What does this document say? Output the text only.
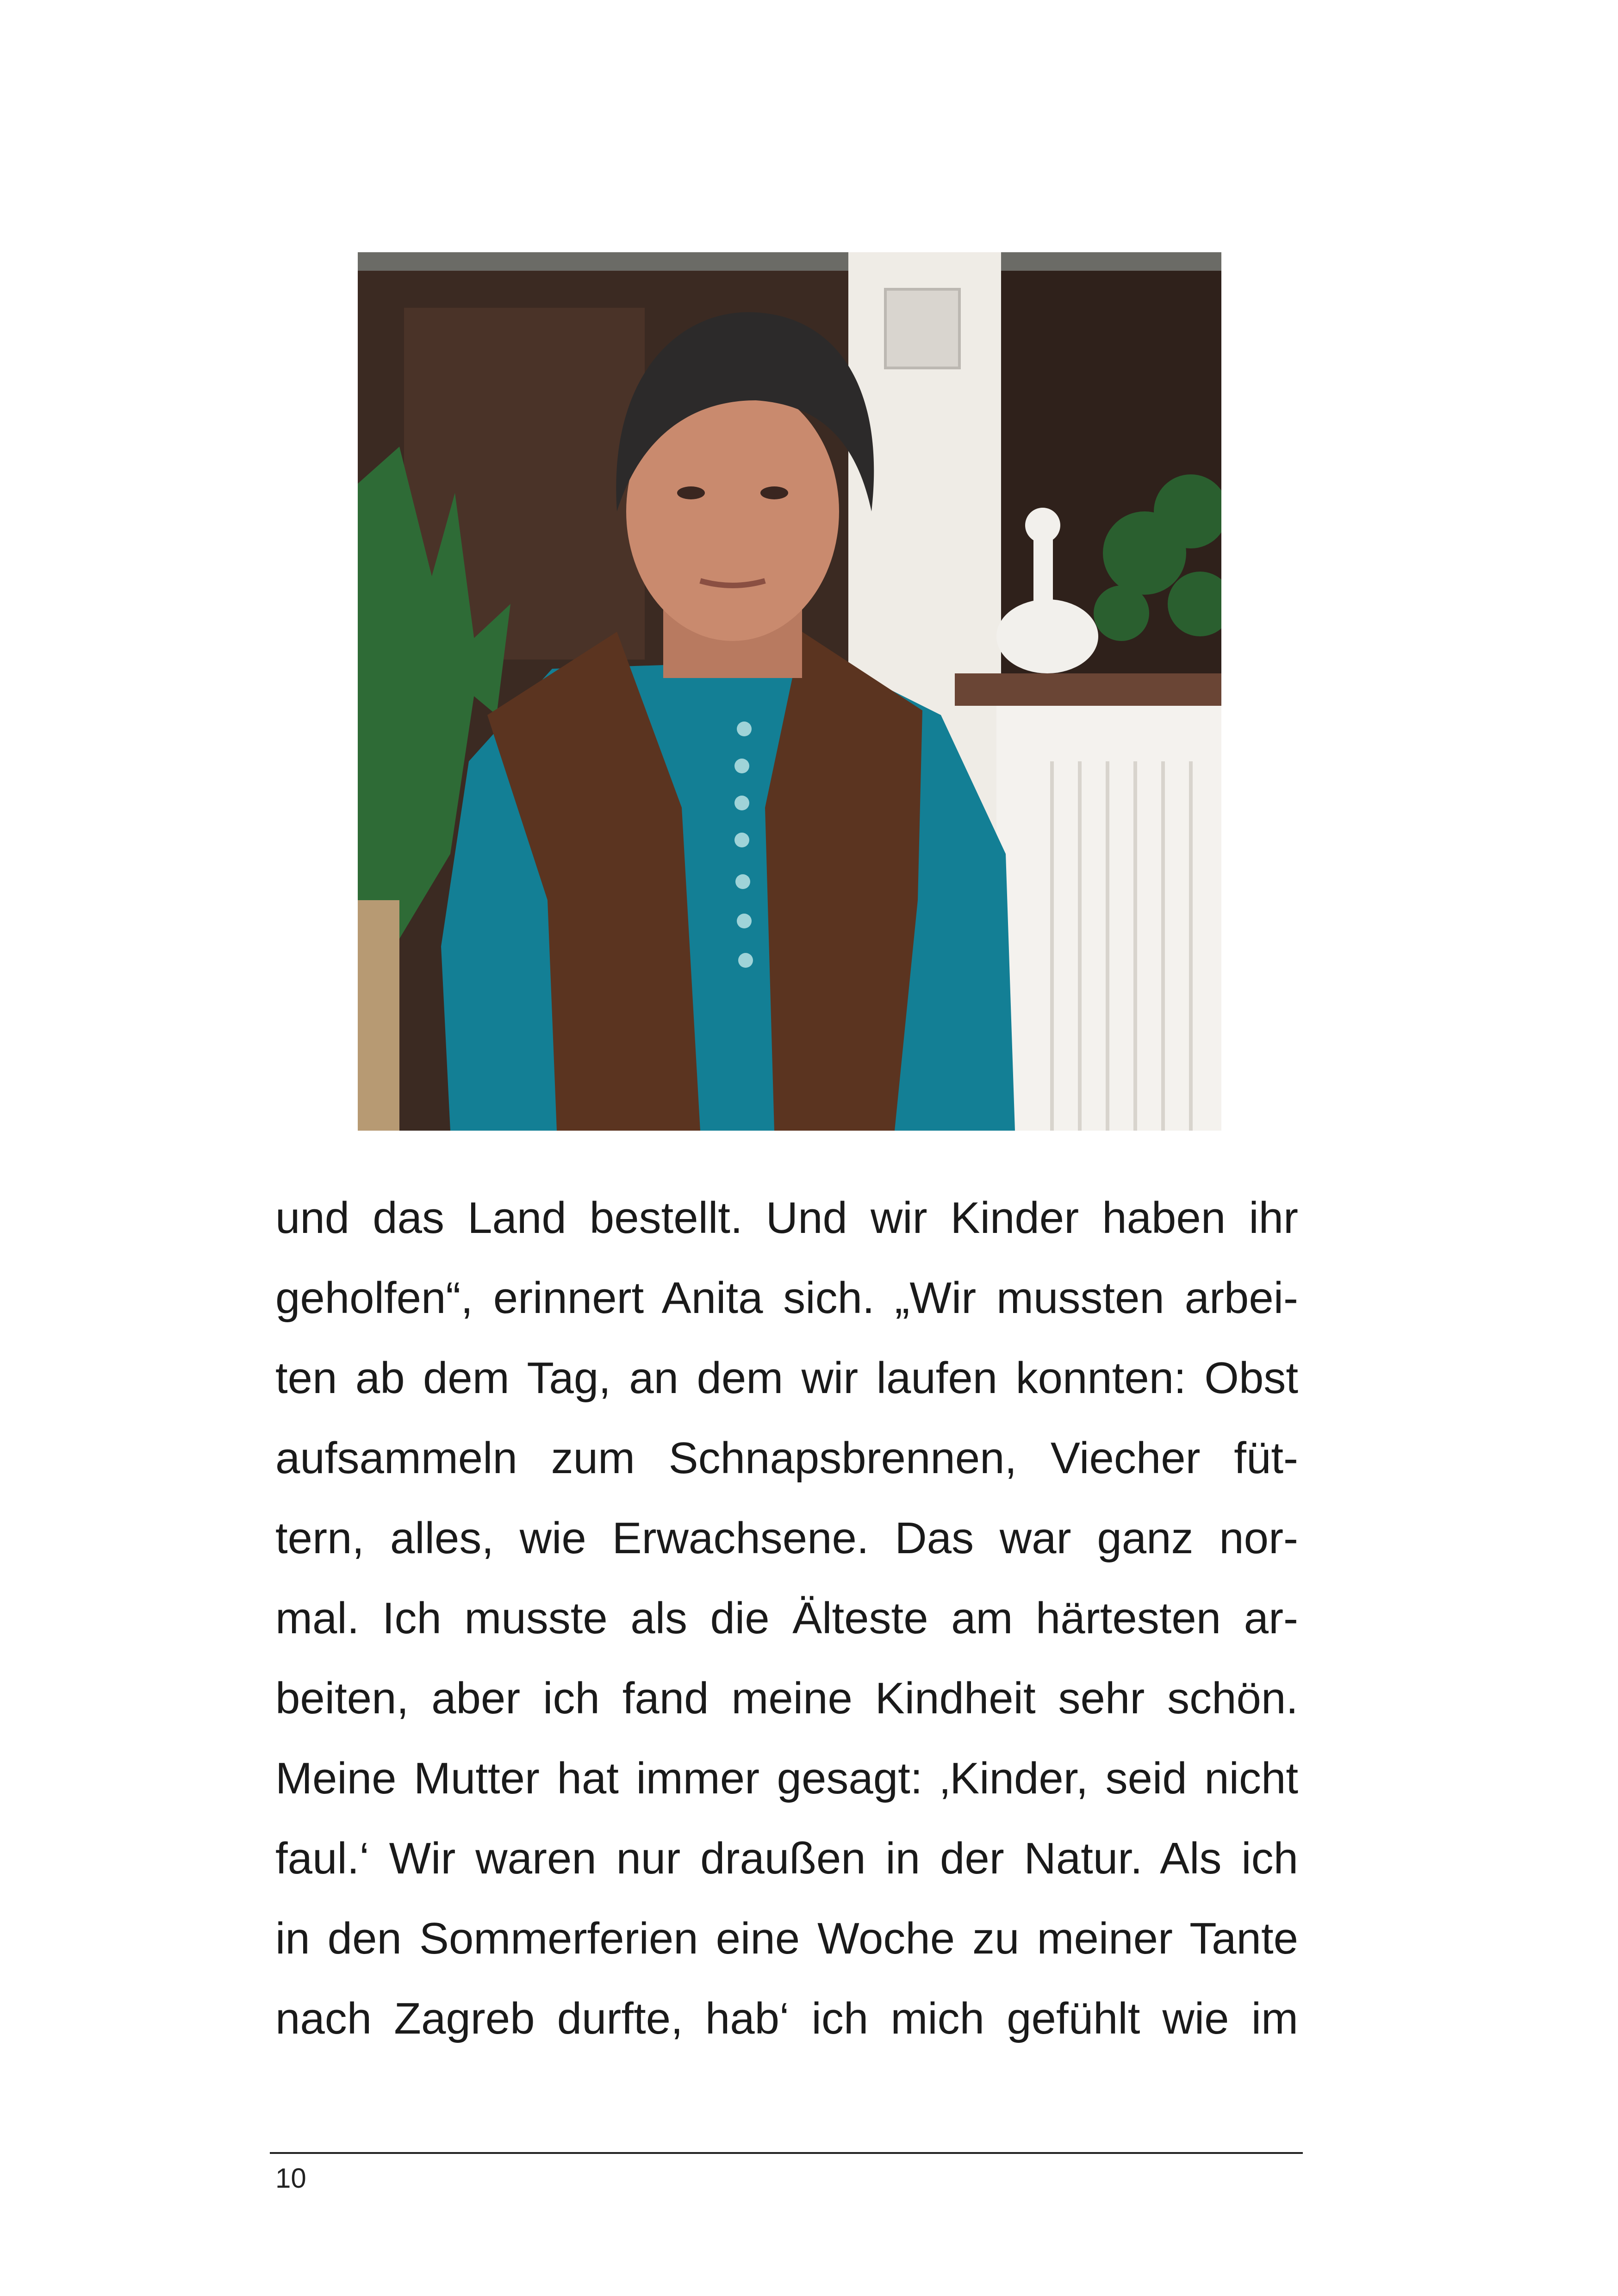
und das Land bestellt. Und wir Kinder haben ihr
geholfen“, erinnert Anita sich. „Wir mussten arbei-
ten ab dem Tag, an dem wir laufen konnten: Obst
aufsammeln zum Schnapsbrennen, Viecher füt-
tern, alles, wie Erwachsene. Das war ganz nor-
mal. Ich musste als die Älteste am härtesten ar-
beiten, aber ich fand meine Kindheit sehr schön.
Meine Mutter hat immer gesagt: ‚Kinder, seid nicht
faul.‘ Wir waren nur draußen in der Natur. Als ich
in den Sommerferien eine Woche zu meiner Tante
nach Zagreb durfte, hab‘ ich mich gefühlt wie im
10
